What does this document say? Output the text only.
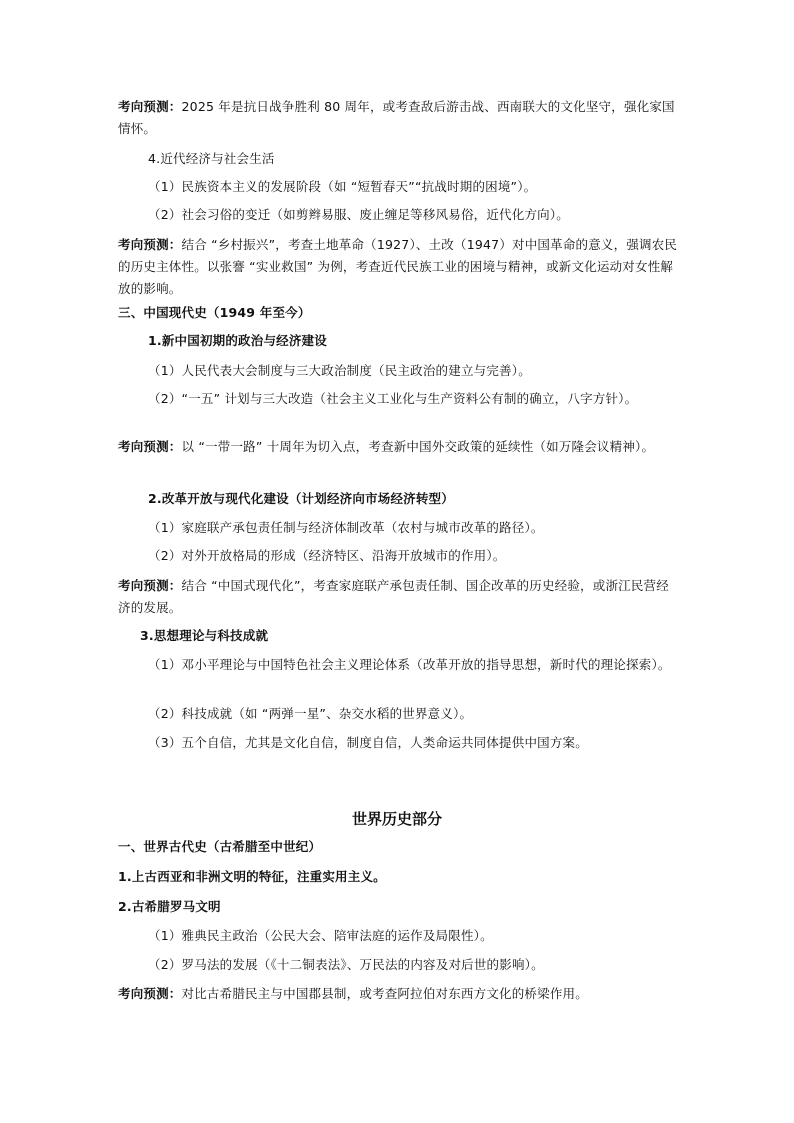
考向预测：2025 年是抗日战争胜利 80 周年，或考查敌后游击战、西南联大的文化坚守，强化家国情怀。
4.近代经济与社会生活
（1）民族资本主义的发展阶段（如 “短暂春天”“抗战时期的困境”）。
（2）社会习俗的变迁（如剪辫易服、废止缠足等移风易俗，近代化方向）。
考向预测：结合 “乡村振兴”，考查土地革命（1927）、土改（1947）对中国革命的意义，强调农民的历史主体性。以张謇 “实业救国” 为例，考查近代民族工业的困境与精神，或新文化运动对女性解放的影响。
三、中国现代史（1949 年至今）
1.新中国初期的政治与经济建设
（1）人民代表大会制度与三大政治制度（民主政治的建立与完善）。
（2）“一五” 计划与三大改造（社会主义工业化与生产资料公有制的确立，八字方针）。
考向预测：以 “一带一路” 十周年为切入点，考查新中国外交政策的延续性（如万隆会议精神）。
2.改革开放与现代化建设（计划经济向市场经济转型）
（1）家庭联产承包责任制与经济体制改革（农村与城市改革的路径）。
（2）对外开放格局的形成（经济特区、沿海开放城市的作用）。
考向预测：结合 “中国式现代化”，考查家庭联产承包责任制、国企改革的历史经验，或浙江民营经济的发展。
3.思想理论与科技成就
（1）邓小平理论与中国特色社会主义理论体系（改革开放的指导思想，新时代的理论探索）。
（2）科技成就（如 “两弹一星”、杂交水稻的世界意义）。
（3）五个自信，尤其是文化自信，制度自信，人类命运共同体提供中国方案。
世界历史部分
一、世界古代史（古希腊至中世纪）
1.上古西亚和非洲文明的特征，注重实用主义。
2.古希腊罗马文明
（1）雅典民主政治（公民大会、陪审法庭的运作及局限性）。
（2）罗马法的发展（《十二铜表法》、万民法的内容及对后世的影响）。
考向预测：对比古希腊民主与中国郡县制，或考查阿拉伯对东西方文化的桥梁作用。
